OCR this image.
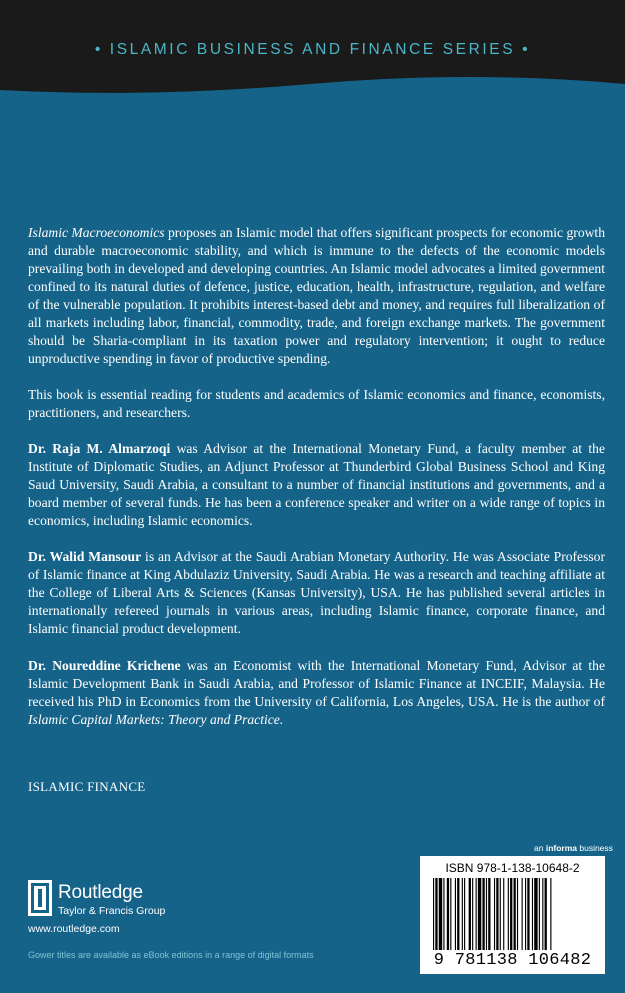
• ISLAMIC BUSINESS AND FINANCE SERIES •

Islamic Macroeconomics proposes an Islamic model that offers significant prospects for economic growth and durable macroeconomic stability, and which is immune to the defects of the economic models prevailing both in developed and developing countries. An Islamic model advocates a limited government confined to its natural duties of defence, justice, education, health, infrastructure, regulation, and welfare of the vulnerable population. It prohibits interest-based debt and money, and requires full liberalization of all markets including labor, financial, commodity, trade, and foreign exchange markets. The government should be Sharia-compliant in its taxation power and regulatory intervention; it ought to reduce unproductive spending in favor of productive spending.

This book is essential reading for students and academics of Islamic economics and finance, economists, practitioners, and researchers.

Dr. Raja M. Almarzoqi was Advisor at the International Monetary Fund, a faculty member at the Institute of Diplomatic Studies, an Adjunct Professor at Thunderbird Global Business School and King Saud University, Saudi Arabia, a consultant to a number of financial institutions and governments, and a board member of several funds. He has been a conference speaker and writer on a wide range of topics in economics, including Islamic economics.

Dr. Walid Mansour is an Advisor at the Saudi Arabian Monetary Authority. He was Associate Professor of Islamic finance at King Abdulaziz University, Saudi Arabia. He was a research and teaching affiliate at the College of Liberal Arts & Sciences (Kansas University), USA. He has published several articles in internationally refereed journals in various areas, including Islamic finance, corporate finance, and Islamic financial product development.

Dr. Noureddine Krichene was an Economist with the International Monetary Fund, Advisor at the Islamic Development Bank in Saudi Arabia, and Professor of Islamic Finance at INCEIF, Malaysia. He received his PhD in Economics from the University of California, Los Angeles, USA. He is the author of Islamic Capital Markets: Theory and Practice.

ISLAMIC FINANCE
Routledge
Taylor & Francis Group
www.routledge.com
Gower titles are available as eBook editions in a range of digital formats
an informa business
ISBN 978-1-138-10648-2
9 781138 106482
